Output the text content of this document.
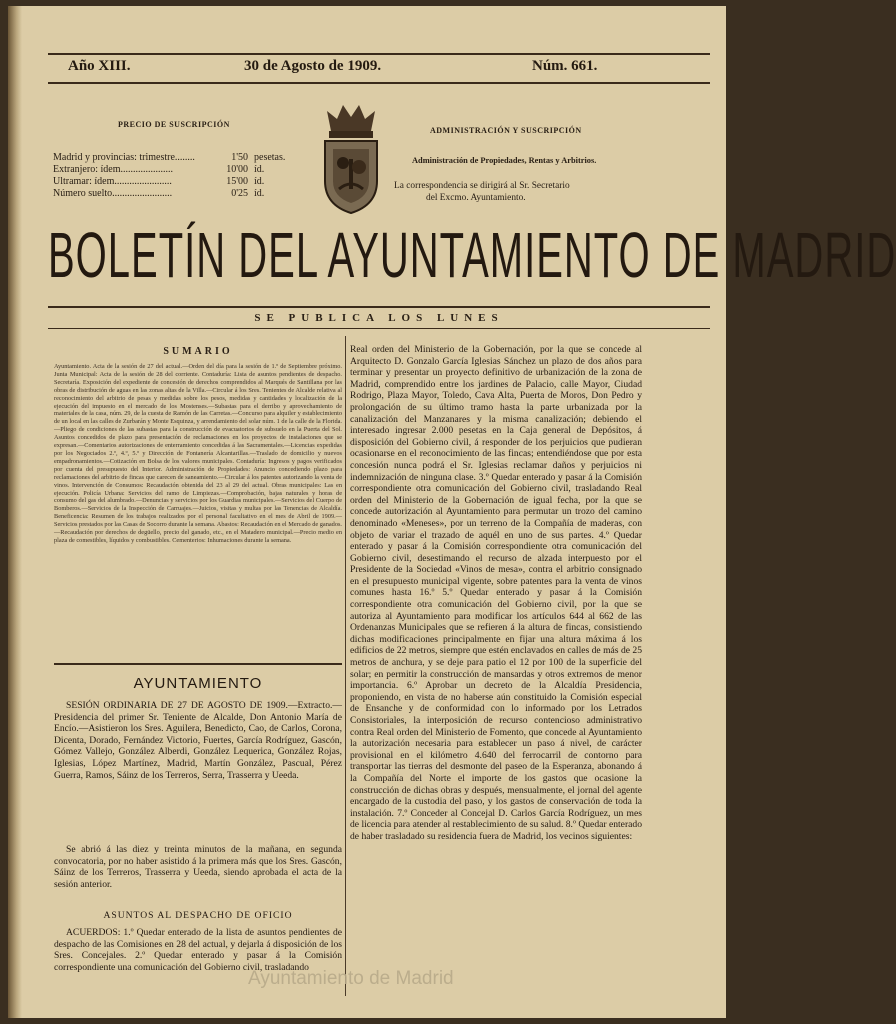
Año XIII.	30 de Agosto de 1909.	Núm. 661.
PRECIO DE SUSCRIPCIÓN
Madrid y provincias: trimestre........	1'50 pesetas.
Extranjero: ídem.....................	10'00 íd.
Ultramar: ídem.......................	15'00 íd.
Número suelto........................	0'25 íd.
ADMINISTRACIÓN Y SUSCRIPCIÓN
Administración de Propiedades, Rentas y Arbitrios.
La correspondencia se dirigirá al Sr. Secretario
del Excmo. Ayuntamiento.
BOLETÍN DEL AYUNTAMIENTO DE MADRID
SE PUBLICA LOS LUNES
SUMARIO
Ayuntamiento. Acta de la sesión de 27 del actual.—Orden del día para la sesión de 1.º de Septiembre próximo. Junta Municipal: Acta de la sesión de 28 del corriente. Contaduría: Lista de asuntos pendientes de despacho. Secretaría. Exposición del expediente de concesión de derechos comprendidos al Marqués de Santillana por las obras de distribución de aguas en las zonas altas de la Villa.—Circular á los Sres. Tenientes de Alcalde relativa al reconocimiento del arbitrio de pesas y medidas sobre los pesos, medidas y cantidades y localización de la ejecución del impuesto en el mercado de los Mostenses.—Subastas para el derribo y aprovechamiento de materiales de la casa, núm. 29, de la cuesta de Ramón de las Carretas.—Concurso para alquiler y establecimiento de un local en las calles de Zurbarán y Monte Esquinza, y arrendamiento del solar núm. 1 de la calle de la Florida.—Pliego de condiciones de las subastas para la construcción de evacuatorios de subsuelo en la Puerta del Sol. Asuntos concedidos de plazo para presentación de reclamaciones en los proyectos de instalaciones que se expresan.—Comentarios autorizaciones de enterramiento concedidas á las Sacramentales.—Licencias expedidas por los Negociados 2.º, 4.º, 5.º y Dirección de Fontanería Alcantarillas.—Traslado de domicilio y nuevos empadronamientos.—Cotización en Bolsa de los valores municipales. Contaduría: Ingresos y pagos verificados por cuenta del presupuesto del Interior. Administración de Propiedades: Anuncio concediendo plazo para reclamaciones del arbitrio de fincas que carecen de saneamiento.—Circular á los patentes autorizando la venta de vinos. Intervención de Consumos: Recaudación obtenida del 23 al 29 del actual. Obras municipales: Las en ejecución. Policía Urbana: Servicios del ramo de Limpiezas.—Comprobación, bajas naturales y horas de consumo del gas del alumbrado.—Denuncias y servicios por los Guardias municipales.—Servicios del Cuerpo de Bomberos.—Servicios de la Inspección de Carruajes.—Juicios, visitas y multas por las Tenencias de Alcaldía. Beneficencia: Resumen de los trabajos realizados por el personal facultativo en el mes de Abril de 1909.—Servicios prestados por las Casas de Socorro durante la semana. Abastos: Recaudación en el Mercado de ganados.—Recaudación por derechos de degüello, precio del ganado, etc., en el Matadero municipal.—Precio medio en plaza de comestibles, líquidos y combustibles. Cementerios: Inhumaciones durante la semana.
AYUNTAMIENTO
SESIÓN ORDINARIA DE 27 DE AGOSTO DE 1909.—Extracto.—Presidencia del primer Sr. Teniente de Alcalde, Don Antonio María de Encío.—Asistieron los Sres. Aguilera, Benedicto, Cao, de Carlos, Corona, Dicenta, Dorado, Fernández Victorio, Fuertes, García Rodríguez, Gascón, Gómez Vallejo, González Alberdi, González Lequerica, González Rojas, Iglesias, López Martínez, Madrid, Martín González, Pascual, Pérez Guerra, Ramos, Sáinz de los Terreros, Serra, Trasserra y Ueeda.
Se abrió á las diez y treinta minutos de la mañana, en segunda convocatoria, por no haber asistido á la primera más que los Sres. Gascón, Sáinz de los Terreros, Trasserra y Ueeda, siendo aprobada el acta de la sesión anterior.
ASUNTOS AL DESPACHO DE OFICIO
ACUERDOS: 1.º Quedar enterado de la lista de asuntos pendientes de despacho de las Comisiones en 28 del actual, y dejarla á disposición de los Sres. Concejales. 2.º Quedar enterado y pasar á la Comisión correspondiente una comunicación del Gobierno civil, trasladando
Real orden del Ministerio de la Gobernación, por la que se concede al Arquitecto D. Gonzalo García Iglesias Sánchez un plazo de dos años para terminar y presentar un proyecto definitivo de urbanización de la zona de Madrid, comprendido entre los jardines de Palacio, calle Mayor, Ciudad Rodrigo, Plaza Mayor, Toledo, Cava Alta, Puerta de Moros, Don Pedro y prolongación de su último tramo hasta la parte urbanizada por la canalización del Manzanares y la misma canalización; debiendo el interesado ingresar 2.000 pesetas en la Caja general de Depósitos, á disposición del Gobierno civil, á responder de los perjuicios que pudieran ocasionarse en el reconocimiento de las fincas; entendiéndose que por esta concesión nunca podrá el Sr. Iglesias reclamar daños y perjuicios ni indemnización de ninguna clase. 3.º Quedar enterado y pasar á la Comisión correspondiente otra comunicación del Gobierno civil, trasladando Real orden del Ministerio de la Gobernación de igual fecha, por la que se concede autorización al Ayuntamiento para permutar un trozo del camino denominado «Meneses», por un terreno de la Compañía de maderas, con objeto de variar el trazado de aquél en uno de sus partes. 4.º Quedar enterado y pasar á la Comisión correspondiente otra comunicación del Gobierno civil, desestimando el recurso de alzada interpuesto por el Presidente de la Sociedad «Vinos de mesa», contra el arbitrio consignado en el presupuesto municipal vigente, sobre patentes para la venta de vinos comunes hasta 16.º 5.º Quedar enterado y pasar á la Comisión correspondiente otra comunicación del Gobierno civil, por la que se autoriza al Ayuntamiento para modificar los artículos 644 al 662 de las Ordenanzas Municipales que se refieren á la altura de fincas, consistiendo dichas modificaciones principalmente en fijar una altura máxima á los edificios de 22 metros, siempre que estén enclavados en calles de más de 25 metros de anchura, y se deje para patio el 12 por 100 de la superficie del solar; en permitir la construcción de mansardas y otros extremos de menor importancia. 6.º Aprobar un decreto de la Alcaldía Presidencia, proponiendo, en vista de no haberse aún constituido la Comisión especial de Ensanche y de conformidad con lo informado por los Letrados Consistoriales, la interposición de recurso contencioso administrativo contra Real orden del Ministerio de Fomento, que concede al Ayuntamiento la autorización necesaria para establecer un paso á nivel, de carácter provisional en el kilómetro 4.640 del ferrocarril de contorno para transportar las tierras del desmonte del paseo de la Esperanza, abonando á la Compañía del Norte el importe de los gastos que ocasione la construcción de dichas obras y después, mensualmente, el jornal del agente encargado de la custodia del paso, y los gastos de conservación de toda la instalación. 7.º Conceder al Concejal D. Carlos García Rodríguez, un mes de licencia para atender al restablecimiento de su salud. 8.º Quedar enterado de haber trasladado su residencia fuera de Madrid, los vecinos siguientes:
Ayuntamiento de Madrid
